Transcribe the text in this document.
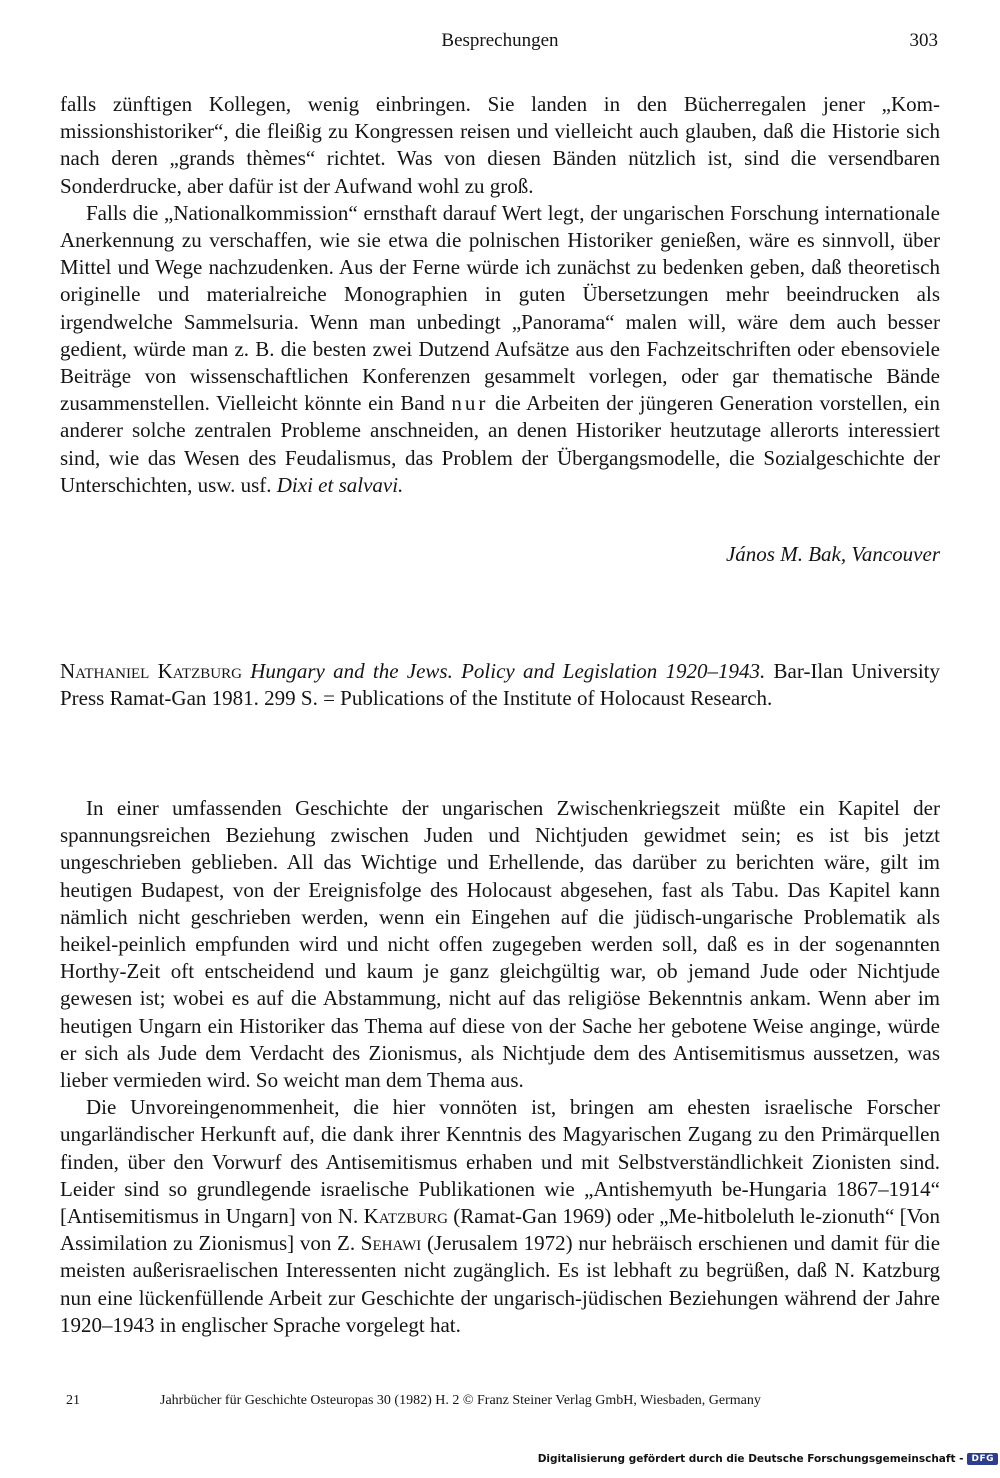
Besprechungen	303

falls zünftigen Kollegen, wenig einbringen. Sie landen in den Bücherregalen jener „Kommissionshistoriker“, die fleißig zu Kongressen reisen und vielleicht auch glauben, daß die Historie sich nach deren „grands thèmes“ richtet. Was von diesen Bänden nützlich ist, sind die versendbaren Sonderdrucke, aber dafür ist der Aufwand wohl zu groß.

Falls die „Nationalkommission“ ernsthaft darauf Wert legt, der ungarischen Forschung internationale Anerkennung zu verschaffen, wie sie etwa die polnischen Historiker genießen, wäre es sinnvoll, über Mittel und Wege nachzudenken. Aus der Ferne würde ich zunächst zu bedenken geben, daß theoretisch originelle und materialreiche Monographien in guten Übersetzungen mehr beeindrucken als irgendwelche Sammelsuria. Wenn man unbedingt „Panorama“ malen will, wäre dem auch besser gedient, würde man z. B. die besten zwei Dutzend Aufsätze aus den Fachzeitschriften oder ebensoviele Beiträge von wissenschaftlichen Konferenzen gesammelt vorlegen, oder gar thematische Bände zusammenstellen. Vielleicht könnte ein Band nur die Arbeiten der jüngeren Generation vorstellen, ein anderer solche zentralen Probleme anschneiden, an denen Historiker heutzutage allerorts interessiert sind, wie das Wesen des Feudalismus, das Problem der Übergangsmodelle, die Sozialgeschichte der Unterschichten, usw. usf. Dixi et salvavi.

János M. Bak, Vancouver

Nathaniel Katzburg Hungary and the Jews. Policy and Legislation 1920–1943. Bar-Ilan University Press Ramat-Gan 1981. 299 S. = Publications of the Institute of Holocaust Research.

In einer umfassenden Geschichte der ungarischen Zwischenkriegszeit müßte ein Kapitel der spannungsreichen Beziehung zwischen Juden und Nichtjuden gewidmet sein; es ist bis jetzt ungeschrieben geblieben. All das Wichtige und Erhellende, das darüber zu berichten wäre, gilt im heutigen Budapest, von der Ereignisfolge des Holocaust abgesehen, fast als Tabu. Das Kapitel kann nämlich nicht geschrieben werden, wenn ein Eingehen auf die jüdisch-ungarische Problematik als heikel-peinlich empfunden wird und nicht offen zugegeben werden soll, daß es in der sogenannten Horthy-Zeit oft entscheidend und kaum je ganz gleichgültig war, ob jemand Jude oder Nichtjude gewesen ist; wobei es auf die Abstammung, nicht auf das religiöse Bekenntnis ankam. Wenn aber im heutigen Ungarn ein Historiker das Thema auf diese von der Sache her gebotene Weise anginge, würde er sich als Jude dem Verdacht des Zionismus, als Nichtjude dem des Antisemitismus aussetzen, was lieber vermieden wird. So weicht man dem Thema aus.

Die Unvoreingenommenheit, die hier vonnöten ist, bringen am ehesten israelische Forscher ungarländischer Herkunft auf, die dank ihrer Kenntnis des Magyarischen Zugang zu den Primärquellen finden, über den Vorwurf des Antisemitismus erhaben und mit Selbstverständlichkeit Zionisten sind. Leider sind so grundlegende israelische Publikationen wie „Antishemyuth be-Hungaria 1867–1914“ [Antisemitismus in Ungarn] von N. Katzburg (Ramat-Gan 1969) oder „Me-hitboleluth le-zionuth“ [Von Assimilation zu Zionismus] von Z. Sehawi (Jerusalem 1972) nur hebräisch erschienen und damit für die meisten außerisraelischen Interessenten nicht zugänglich. Es ist lebhaft zu begrüßen, daß N. Katzburg nun eine lückenfüllende Arbeit zur Geschichte der ungarisch-jüdischen Beziehungen während der Jahre 1920–1943 in englischer Sprache vorgelegt hat.

21	Jahrbücher für Geschichte Osteuropas 30 (1982) H. 2 © Franz Steiner Verlag GmbH, Wiesbaden, Germany
Digitalisierung gefördert durch die Deutsche Forschungsgemeinschaft - DFG
